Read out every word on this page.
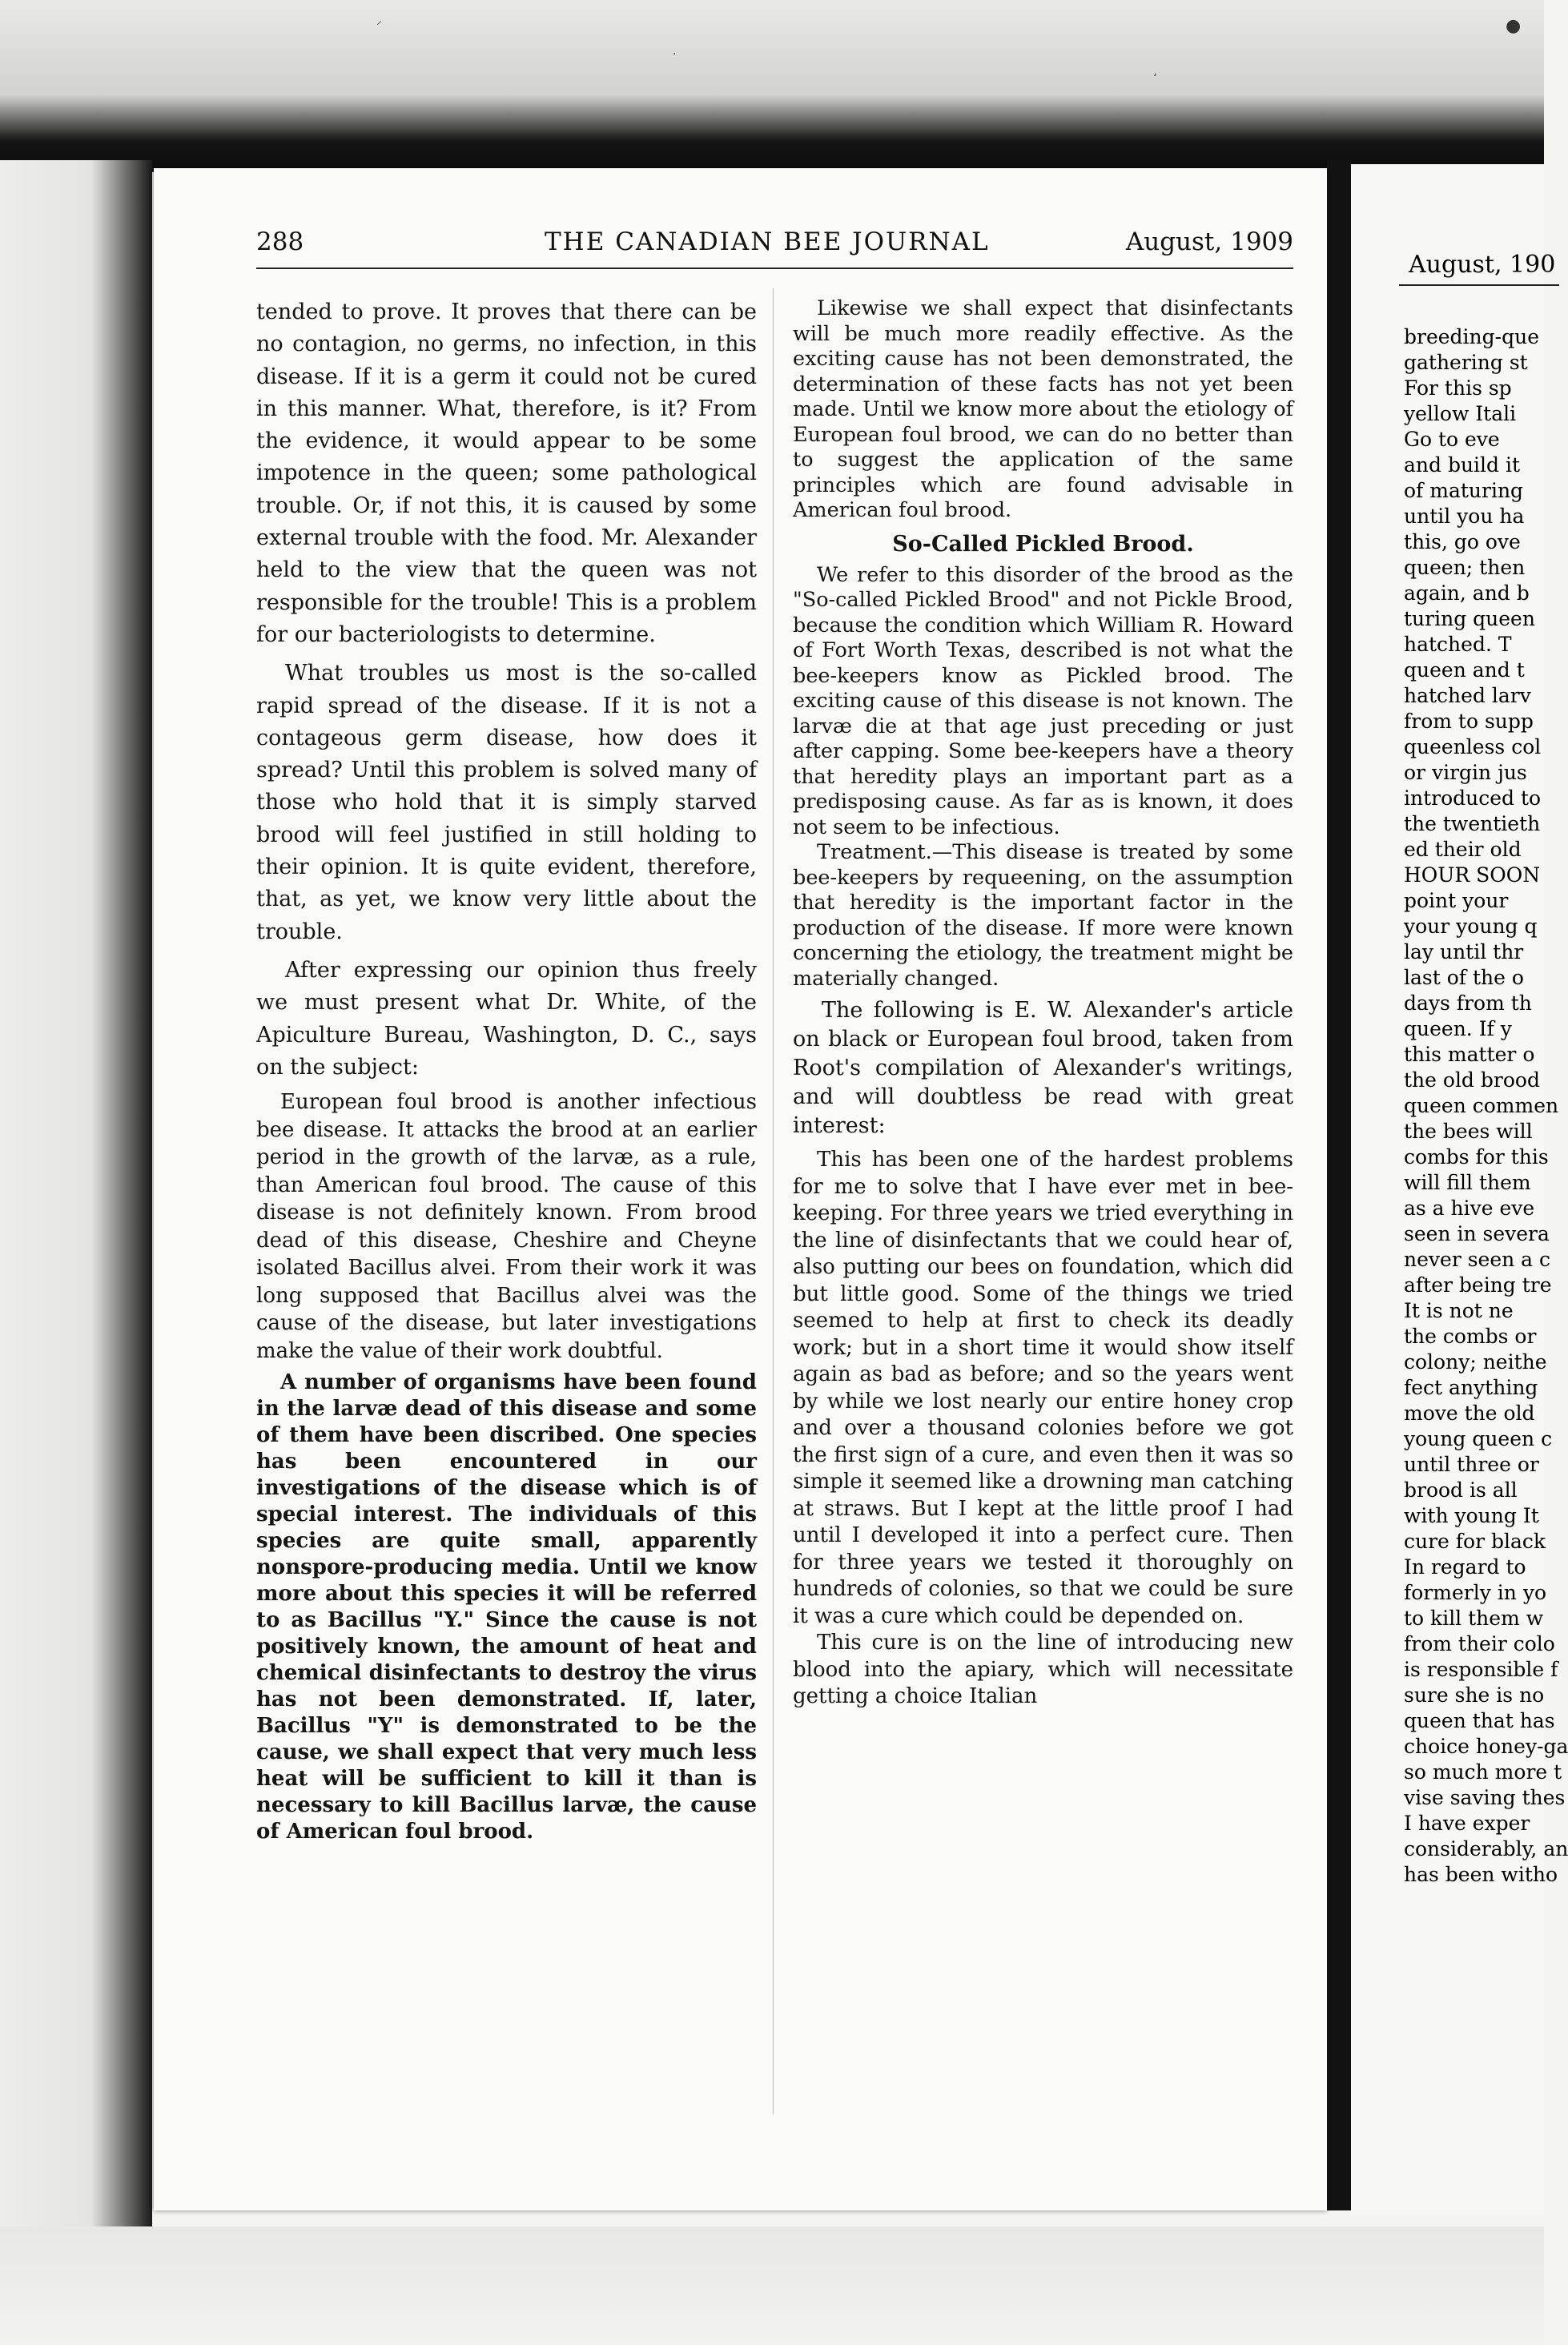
⸍
·
‘
●
288	THE CANADIAN BEE JOURNAL	August, 1909

tended to prove. It proves that there can be no contagion, no germs, no infection, in this disease. If it is a germ it could not be cured in this manner. What, therefore, is it? From the evidence, it would appear to be some impotence in the queen; some pathological trouble. Or, if not this, it is caused by some external trouble with the food. Mr. Alexander held to the view that the queen was not responsible for the trouble! This is a problem for our bacteriologists to determine.

What troubles us most is the so-called rapid spread of the disease. If it is not a contageous germ disease, how does it spread? Until this problem is solved many of those who hold that it is simply starved brood will feel justified in still holding to their opinion. It is quite evident, therefore, that, as yet, we know very little about the trouble.

After expressing our opinion thus freely we must present what Dr. White, of the Apiculture Bureau, Washington, D. C., says on the subject:

European foul brood is another infectious bee disease. It attacks the brood at an earlier period in the growth of the larvæ, as a rule, than American foul brood. The cause of this disease is not definitely known. From brood dead of this disease, Cheshire and Cheyne isolated Bacillus alvei. From their work it was long supposed that Bacillus alvei was the cause of the disease, but later investigations make the value of their work doubtful.

A number of organisms have been found in the larvæ dead of this disease and some of them have been discribed. One species has been encountered in our investigations of the disease which is of special interest. The individuals of this species are quite small, apparently nonspore-producing media. Until we know more about this species it will be referred to as Bacillus "Y." Since the cause is not positively known, the amount of heat and chemical disinfectants to destroy the virus has not been demonstrated. If, later, Bacillus "Y" is demonstrated to be the cause, we shall expect that very much less heat will be sufficient to kill it than is necessary to kill Bacillus larvæ, the cause of American foul brood.

Likewise we shall expect that disinfectants will be much more readily effective. As the exciting cause has not been demonstrated, the determination of these facts has not yet been made. Until we know more about the etiology of European foul brood, we can do no better than to suggest the application of the same principles which are found advisable in American foul brood.

So-Called Pickled Brood.

We refer to this disorder of the brood as the "So-called Pickled Brood" and not Pickle Brood, because the condition which William R. Howard of Fort Worth Texas, described is not what the bee-keepers know as Pickled brood. The exciting cause of this disease is not known. The larvæ die at that age just preceding or just after capping. Some bee-keepers have a theory that heredity plays an important part as a predisposing cause. As far as is known, it does not seem to be infectious.

Treatment.—This disease is treated by some bee-keepers by requeening, on the assumption that heredity is the important factor in the production of the disease. If more were known concerning the etiology, the treatment might be materially changed.

The following is E. W. Alexander's article on black or European foul brood, taken from Root's compilation of Alexander's writings, and will doubtless be read with great interest:

This has been one of the hardest problems for me to solve that I have ever met in bee-keeping. For three years we tried everything in the line of disinfectants that we could hear of, also putting our bees on foundation, which did but little good. Some of the things we tried seemed to help at first to check its deadly work; but in a short time it would show itself again as bad as before; and so the years went by while we lost nearly our entire honey crop and over a thousand colonies before we got the first sign of a cure, and even then it was so simple it seemed like a drowning man catching at straws. But I kept at the little proof I had until I developed it into a perfect cure. Then for three years we tested it thoroughly on hundreds of colonies, so that we could be sure it was a cure which could be depended on.

This cure is on the line of introducing new blood into the apiary, which will necessitate getting a choice Italian

August, 190
breeding-que
gathering st
For this sp
yellow Itali
Go to eve
and build it
of maturing
until you ha
this, go ove
queen; then
again, and b
turing queen
hatched. T
queen and t
hatched larv
from to supp
queenless col
or virgin jus
introduced to
the twentieth
ed their old
HOUR SOON
point your
your young q
lay until thr
last of the o
days from th
queen. If y
this matter o
the old brood
queen commen
the bees will
combs for this
will fill them
as a hive eve
seen in severa
never seen a c
after being tre
It is not ne
the combs or
colony; neithe
fect anything
move the old
young queen c
until three or
brood is all
with young It
cure for black
In regard to
formerly in yo
to kill them w
from their colo
is responsible f
sure she is no
queen that has
choice honey-ga
so much more t
vise saving thes
I have exper
considerably, an
has been witho
